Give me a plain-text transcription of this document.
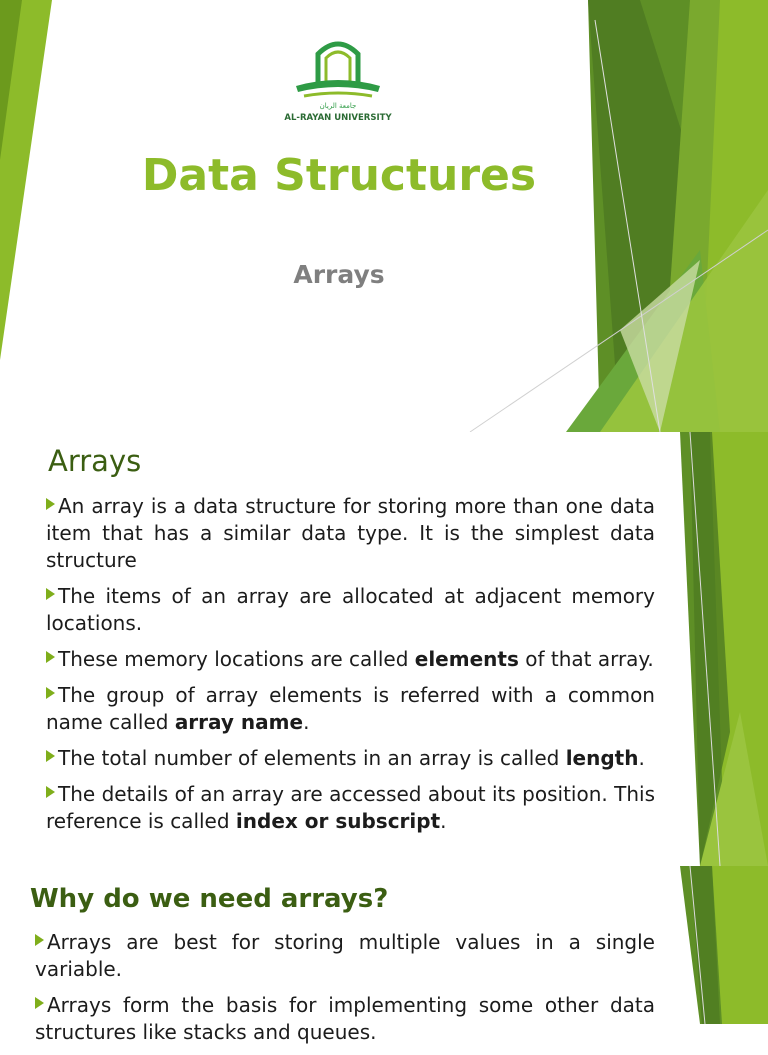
جامعة الريان
AL-RAYAN UNIVERSITY
Data Structures
Arrays
Arrays
An array is a data structure for storing more than one data item that has a similar data type. It is the simplest data structure
The items of an array are allocated at adjacent memory locations.
These memory locations are called elements of that array.
The group of array elements is referred with a common name called array name.
The total number of elements in an array is called length.
The details of an array are accessed about its position. This reference is called index or subscript.
Why do we need arrays?
Arrays are best for storing multiple values in a single variable.
Arrays form the basis for implementing some other data structures like stacks and queues.
